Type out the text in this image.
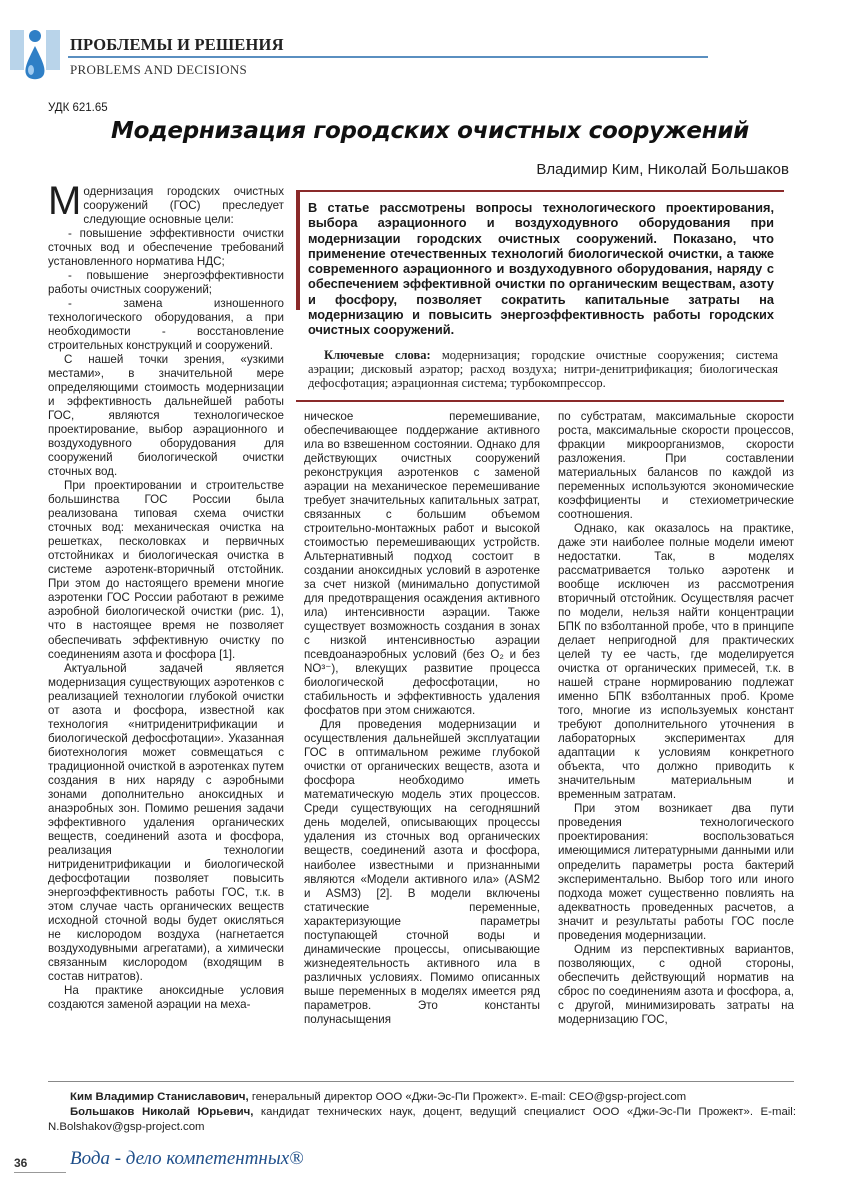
ПРОБЛЕМЫ И РЕШЕНИЯ
PROBLEMS AND DECISIONS
УДК 621.65
Модернизация городских очистных сооружений
Владимир Ким, Николай Большаков

Модернизация городских очистных сооружений (ГОС) преследует следующие основные цели:

- повышение эффективности очистки сточных вод и обеспечение требований установленного норматива НДС;

- повышение энергоэффективности работы очистных сооружений;

- замена изношенного технологического оборудования, а при необходимости - восстановление строительных конструкций и сооружений.

С нашей точки зрения, «узкими местами», в значительной мере определяющими стоимость модернизации и эффективность дальнейшей работы ГОС, являются технологическое проектирование, выбор аэрационного и воздуходувного оборудования для сооружений биологической очистки сточных вод.

При проектировании и строительстве большинства ГОС России была реализована типовая схема очистки сточных вод: механическая очистка на решетках, песколовках и первичных отстойниках и биологическая очистка в системе аэротенк-вторичный отстойник. При этом до настоящего времени многие аэротенки ГОС России работают в режиме аэробной биологической очистки (рис. 1), что в настоящее время не позволяет обеспечивать эффективную очистку по соединениям азота и фосфора [1].

Актуальной задачей является модернизация существующих аэротенков с реализацией технологии глубокой очистки от азота и фосфора, известной как технология «нитриденитрификации и биологической дефосфотации». Указанная биотехнология может совмещаться с традиционной очисткой в аэротенках путем создания в них наряду с аэробными зонами дополнительно аноксидных и анаэробных зон. Помимо решения задачи эффективного удаления органических веществ, соединений азота и фосфора, реализация технологии нитриденитрификации и биологической дефосфотации позволяет повысить энергоэффективность работы ГОС, т.к. в этом случае часть органических веществ исходной сточной воды будет окисляться не кислородом воздуха (нагнетается воздуходувными агрегатами), а химически связанным кислородом (входящим в состав нитратов).

На практике аноксидные условия создаются заменой аэрации на меха-

В статье рассмотрены вопросы технологического проектирования, выбора аэрационного и воздуходувного оборудования при модернизации городских очистных сооружений. Показано, что применение отечественных технологий биологической очистки, а также современного аэрационного и воздуходувного оборудования, наряду с обеспечением эффективной очистки по органическим веществам, азоту и фосфору, позволяет сократить капитальные затраты на модернизацию и повысить энергоэффективность работы городских очистных сооружений.
Ключевые слова: модернизация; городские очистные сооружения; система аэрации; дисковый аэратор; расход воздуха; нитри-денитрификация; биологическая дефосфотация; аэрационная система; турбокомпрессор.

ническое перемешивание, обеспечивающее поддержание активного ила во взвешенном состоянии. Однако для действующих очистных сооружений реконструкция аэротенков с заменой аэрации на механическое перемешивание требует значительных капитальных затрат, связанных с большим объемом строительно-монтажных работ и высокой стоимостью перемешивающих устройств. Альтернативный подход состоит в создании аноксидных условий в аэротенке за счет низкой (минимально допустимой для предотвращения осаждения активного ила) интенсивности аэрации. Также существует возможность создания в зонах с низкой интенсивностью аэрации псевдоанаэробных условий (без O₂ и без NO³⁻), влекущих развитие процесса биологической дефосфотации, но стабильность и эффективность удаления фосфатов при этом снижаются.

Для проведения модернизации и осуществления дальнейшей эксплуатации ГОС в оптимальном режиме глубокой очистки от органических веществ, азота и фосфора необходимо иметь математическую модель этих процессов. Среди существующих на сегодняшний день моделей, описывающих процессы удаления из сточных вод органических веществ, соединений азота и фосфора, наиболее известными и признанными являются «Модели активного ила» (ASM2 и ASM3) [2]. В модели включены статические переменные, характеризующие параметры поступающей сточной воды и динамические процессы, описывающие жизнедеятельность активного ила в различных условиях. Помимо описанных выше переменных в моделях имеется ряд параметров. Это константы полунасыщения

по субстратам, максимальные скорости роста, максимальные скорости процессов, фракции микроорганизмов, скорости разложения. При составлении материальных балансов по каждой из переменных используются экономические коэффициенты и стехиометрические соотношения.

Однако, как оказалось на практике, даже эти наиболее полные модели имеют недостатки. Так, в моделях рассматривается только аэротенк и вообще исключен из рассмотрения вторичный отстойник. Осуществляя расчет по модели, нельзя найти концентрации БПК по взболтанной пробе, что в принципе делает непригодной для практических целей ту ее часть, где моделируется очистка от органических примесей, т.к. в нашей стране нормированию подлежат именно БПК взболтанных проб. Кроме того, многие из используемых констант требуют дополнительного уточнения в лабораторных экспериментах для адаптации к условиям конкретного объекта, что должно приводить к значительным материальным и временным затратам.

При этом возникает два пути проведения технологического проектирования: воспользоваться имеющимися литературными данными или определить параметры роста бактерий экспериментально. Выбор того или иного подхода может существенно повлиять на адекватность проведенных расчетов, а значит и результаты работы ГОС после проведения модернизации.

Одним из перспективных вариантов, позволяющих, с одной стороны, обеспечить действующий норматив на сброс по соединениям азота и фосфора, а, с другой, минимизировать затраты на модернизацию ГОС,

Ким Владимир Станиславович, генеральный директор ООО «Джи-Эс-Пи Прожект». E-mail: CEO@gsp-project.com

Большаков Николай Юрьевич, кандидат технических наук, доцент, ведущий специалист ООО «Джи-Эс-Пи Прожект». E-mail: N.Bolshakov@gsp-project.com

36 Вода - дело компетентных®
